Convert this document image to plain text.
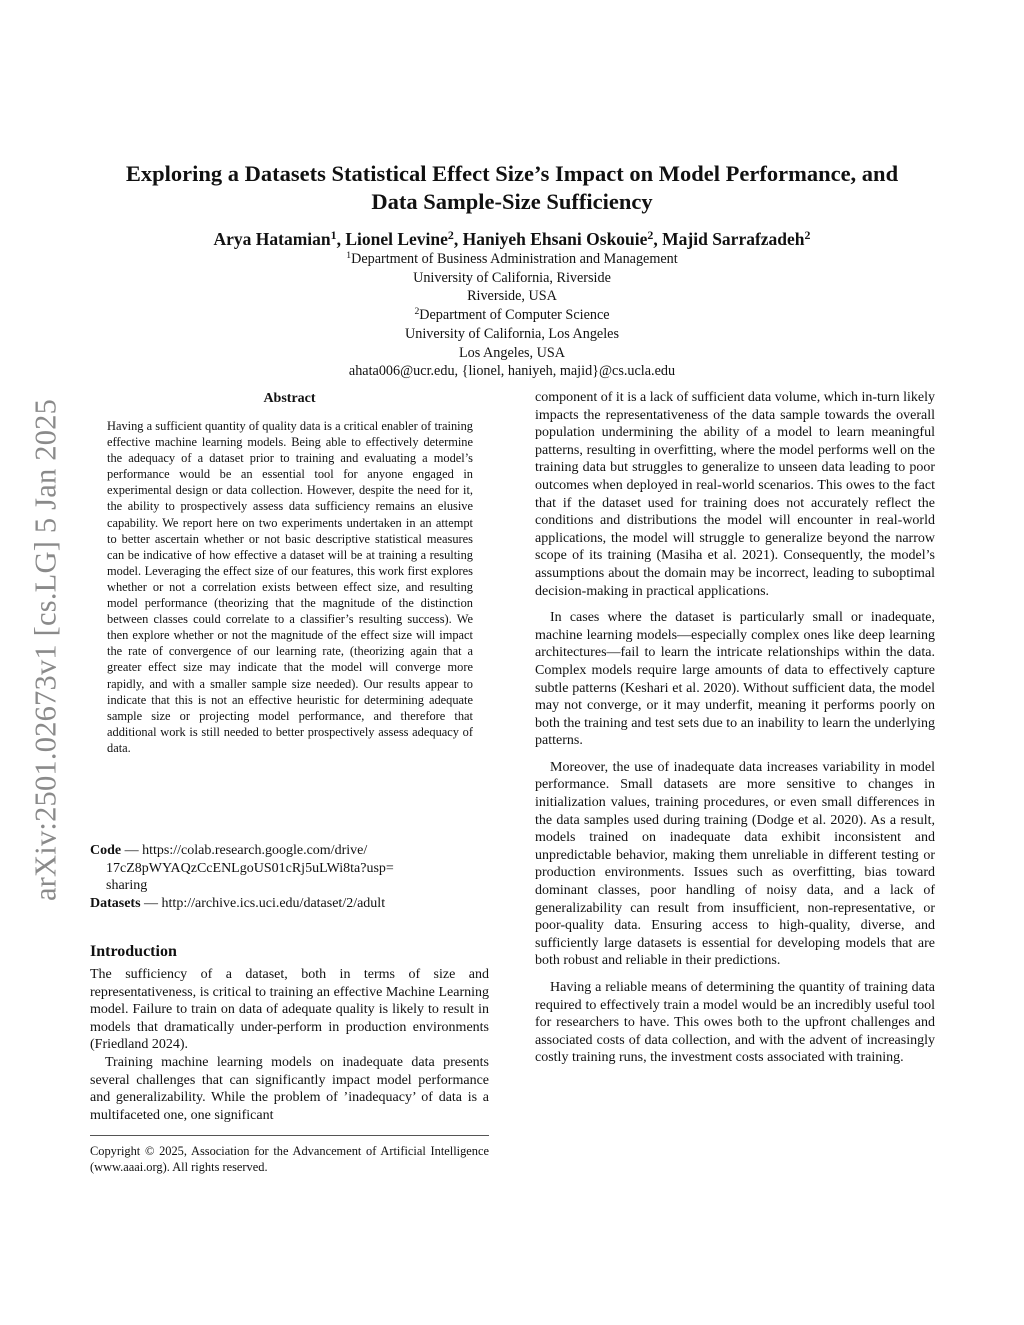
arXiv:2501.02673v1 [cs.LG] 5 Jan 2025
Exploring a Datasets Statistical Effect Size’s Impact on Model Performance, and
Data Sample-Size Sufficiency
Arya Hatamian$^1$, Lionel Levine$^2$, Haniyeh Ehsani Oskouie$^2$, Majid Sarrafzadeh$^2$
$^1$Department of Business Administration and Management
University of California, Riverside
Riverside, USA
$^2$Department of Computer Science
University of California, Los Angeles
Los Angeles, USA
ahata006@ucr.edu, {lionel, haniyeh, majid}@cs.ucla.edu
Abstract

Having a sufficient quantity of quality data is a critical enabler of training effective machine learning models. Being able to effectively determine the adequacy of a dataset prior to training and evaluating a model’s performance would be an essential tool for anyone engaged in experimental design or data collection. However, despite the need for it, the ability to prospectively assess data sufficiency remains an elusive capability. We report here on two experiments undertaken in an attempt to better ascertain whether or not basic descriptive statistical measures can be indicative of how effective a dataset will be at training a resulting model. Leveraging the effect size of our features, this work first explores whether or not a correlation exists between effect size, and resulting model performance (theorizing that the magnitude of the distinction between classes could correlate to a classifier’s resulting success). We then explore whether or not the magnitude of the effect size will impact the rate of convergence of our learning rate, (theorizing again that a greater effect size may indicate that the model will converge more rapidly, and with a smaller sample size needed). Our results appear to indicate that this is not an effective heuristic for determining adequate sample size or projecting model performance, and therefore that additional work is still needed to better prospectively assess adequacy of data.

Code — https://colab.research.google.com/drive/
17cZ8pWYAQzCcENLgoUS01cRj5uLWi8ta?usp=
sharing

Datasets — http://archive.ics.uci.edu/dataset/2/adult

Introduction

The sufficiency of a dataset, both in terms of size and representativeness, is critical to training an effective Machine Learning model. Failure to train on data of adequate quality is likely to result in models that dramatically under-perform in production environments (Friedland 2024).

Training machine learning models on inadequate data presents several challenges that can significantly impact model performance and generalizability. While the problem of ’inadequacy’ of data is a multifaceted one, one significant

Copyright © 2025, Association for the Advancement of Artificial Intelligence (www.aaai.org). All rights reserved.

component of it is a lack of sufficient data volume, which in-turn likely impacts the representativeness of the data sample towards the overall population undermining the ability of a model to learn meaningful patterns, resulting in overfitting, where the model performs well on the training data but struggles to generalize to unseen data leading to poor outcomes when deployed in real-world scenarios. This owes to the fact that if the dataset used for training does not accurately reflect the conditions and distributions the model will encounter in real-world applications, the model will struggle to generalize beyond the narrow scope of its training (Masiha et al. 2021). Consequently, the model’s assumptions about the domain may be incorrect, leading to suboptimal decision-making in practical applications.

In cases where the dataset is particularly small or inadequate, machine learning models—especially complex ones like deep learning architectures—fail to learn the intricate relationships within the data. Complex models require large amounts of data to effectively capture subtle patterns (Keshari et al. 2020). Without sufficient data, the model may not converge, or it may underfit, meaning it performs poorly on both the training and test sets due to an inability to learn the underlying patterns.

Moreover, the use of inadequate data increases variability in model performance. Small datasets are more sensitive to changes in initialization values, training procedures, or even small differences in the data samples used during training (Dodge et al. 2020). As a result, models trained on inadequate data exhibit inconsistent and unpredictable behavior, making them unreliable in different testing or production environments. Issues such as overfitting, bias toward dominant classes, poor handling of noisy data, and a lack of generalizability can result from insufficient, non-representative, or poor-quality data. Ensuring access to high-quality, diverse, and sufficiently large datasets is essential for developing models that are both robust and reliable in their predictions.

Having a reliable means of determining the quantity of training data required to effectively train a model would be an incredibly useful tool for researchers to have. This owes both to the upfront challenges and associated costs of data collection, and with the advent of increasingly costly training runs, the investment costs associated with training.
